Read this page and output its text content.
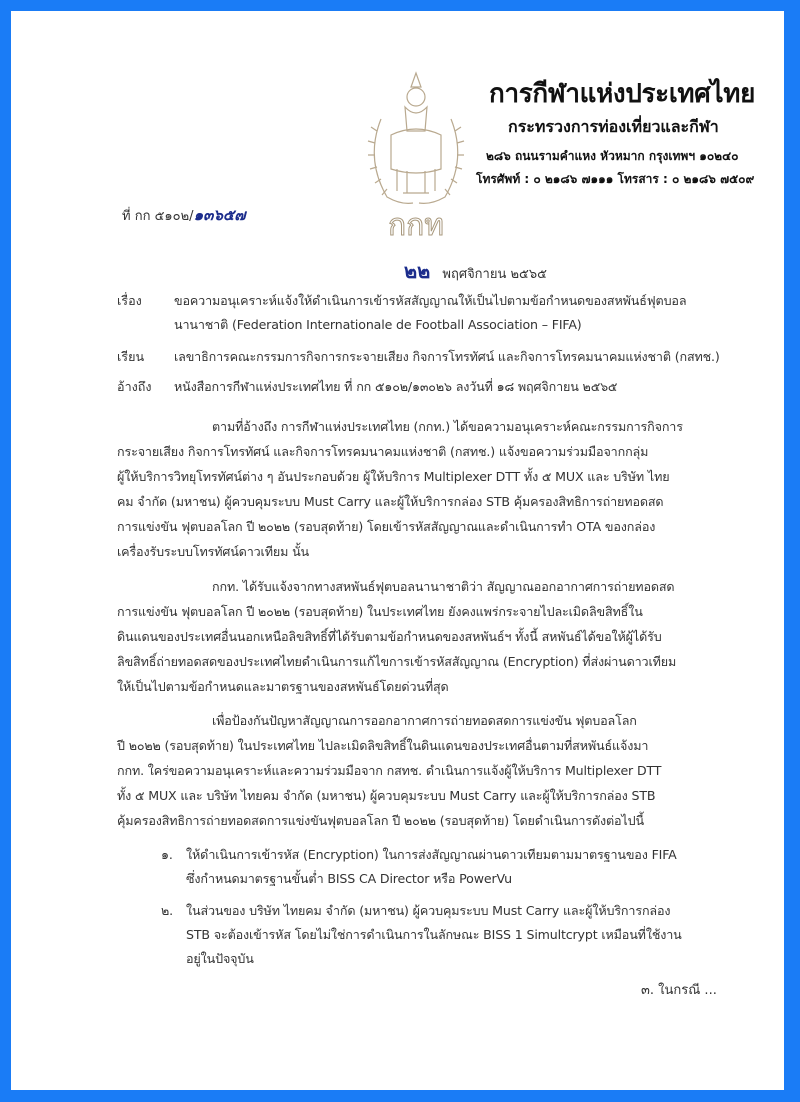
กกท
การกีฬาแห่งประเทศไทย
กระทรวงการท่องเที่ยวและกีฬา
๒๘๖ ถนนรามคำแหง หัวหมาก กรุงเทพฯ ๑๐๒๔๐
โทรศัพท์ : ๐ ๒๑๘๖ ๗๑๑๑ โทรสาร : ๐ ๒๑๘๖ ๗๕๐๙
ที่ กก ๕๑๐๒/๑๓๖๕๗
๒๒ พฤศจิกายน ๒๕๖๕
เรื่อง	ขอความอนุเคราะห์แจ้งให้ดำเนินการเข้ารหัสสัญญาณให้เป็นไปตามข้อกำหนดของสหพันธ์ฟุตบอล
นานาชาติ (Federation Internationale de Football Association – FIFA)
เรียน เลขาธิการคณะกรรมการกิจการกระจายเสียง กิจการโทรทัศน์ และกิจการโทรคมนาคมแห่งชาติ (กสทช.)
อ้างถึง หนังสือการกีฬาแห่งประเทศไทย ที่ กก ๕๑๐๒/๑๓๐๒๖ ลงวันที่ ๑๘ พฤศจิกายน ๒๕๖๕
ตามที่อ้างถึง การกีฬาแห่งประเทศไทย (กกท.) ได้ขอความอนุเคราะห์คณะกรรมการกิจการ
กระจายเสียง กิจการโทรทัศน์ และกิจการโทรคมนาคมแห่งชาติ (กสทช.) แจ้งขอความร่วมมือจากกลุ่ม
ผู้ให้บริการวิทยุโทรทัศน์ต่าง ๆ อันประกอบด้วย ผู้ให้บริการ Multiplexer DTT ทั้ง ๕ MUX และ บริษัท ไทย
คม จำกัด (มหาชน) ผู้ควบคุมระบบ Must Carry และผู้ให้บริการกล่อง STB คุ้มครองสิทธิการถ่ายทอดสด
การแข่งขัน ฟุตบอลโลก ปี ๒๐๒๒ (รอบสุดท้าย) โดยเข้ารหัสสัญญาณและดำเนินการทำ OTA ของกล่อง
เครื่องรับระบบโทรทัศน์ดาวเทียม นั้น
กกท. ได้รับแจ้งจากทางสหพันธ์ฟุตบอลนานาชาติว่า สัญญาณออกอากาศการถ่ายทอดสด
การแข่งขัน ฟุตบอลโลก ปี ๒๐๒๒ (รอบสุดท้าย) ในประเทศไทย ยังคงแพร่กระจายไปละเมิดลิขสิทธิ์ใน
ดินแดนของประเทศอื่นนอกเหนือลิขสิทธิ์ที่ได้รับตามข้อกำหนดของสหพันธ์ฯ ทั้งนี้ สหพันธ์ได้ขอให้ผู้ได้รับ
ลิขสิทธิ์ถ่ายทอดสดของประเทศไทยดำเนินการแก้ไขการเข้ารหัสสัญญาณ (Encryption) ที่ส่งผ่านดาวเทียม
ให้เป็นไปตามข้อกำหนดและมาตรฐานของสหพันธ์โดยด่วนที่สุด
เพื่อป้องกันปัญหาสัญญาณการออกอากาศการถ่ายทอดสดการแข่งขัน ฟุตบอลโลก
ปี ๒๐๒๒ (รอบสุดท้าย) ในประเทศไทย ไปละเมิดลิขสิทธิ์ในดินแดนของประเทศอื่นตามที่สหพันธ์แจ้งมา
กกท. ใคร่ขอความอนุเคราะห์และความร่วมมือจาก กสทช. ดำเนินการแจ้งผู้ให้บริการ Multiplexer DTT
ทั้ง ๕ MUX และ บริษัท ไทยคม จำกัด (มหาชน) ผู้ควบคุมระบบ Must Carry และผู้ให้บริการกล่อง STB
คุ้มครองสิทธิการถ่ายทอดสดการแข่งขันฟุตบอลโลก ปี ๒๐๒๒ (รอบสุดท้าย) โดยดำเนินการดังต่อไปนี้
๑. ให้ดำเนินการเข้ารหัส (Encryption) ในการส่งสัญญาณผ่านดาวเทียมตามมาตรฐานของ FIFA
ซึ่งกำหนดมาตรฐานขั้นต่ำ BISS CA Director หรือ PowerVu
๒. ในส่วนของ บริษัท ไทยคม จำกัด (มหาชน) ผู้ควบคุมระบบ Must Carry และผู้ให้บริการกล่อง
STB จะต้องเข้ารหัส โดยไม่ใช่การดำเนินการในลักษณะ BISS 1 Simultcrypt เหมือนที่ใช้งาน
อยู่ในปัจจุบัน
๓. ในกรณี ...
